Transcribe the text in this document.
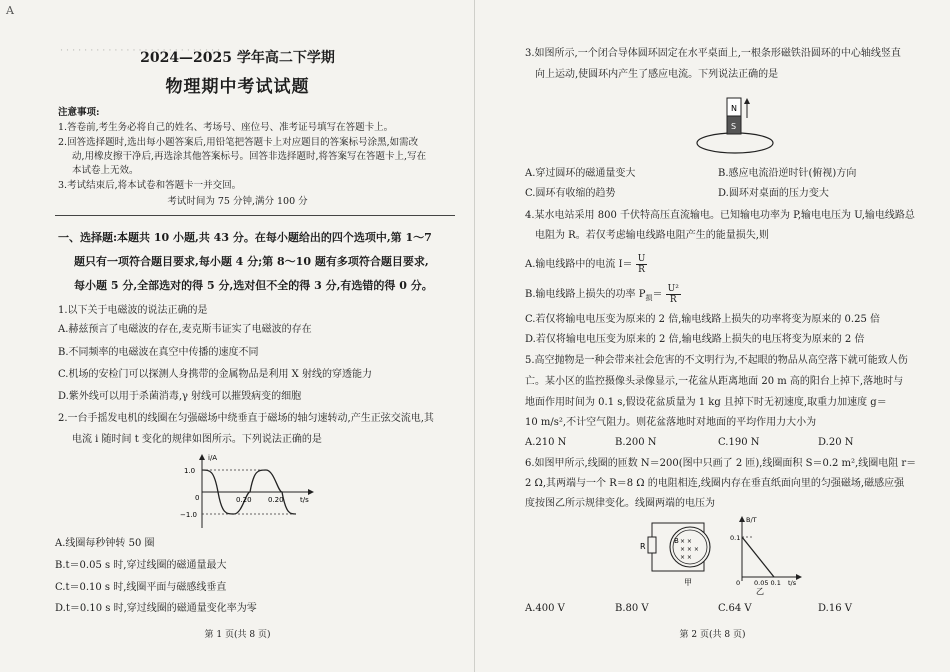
A
· · · · · · · · · · · · · · · · · · · · · · · · · · ·
2024—2025 学年高二下学期
物理期中考试试题
注意事项:
1.答卷前,考生务必将自己的姓名、考场号、座位号、准考证号填写在答题卡上。
2.回答选择题时,选出每小题答案后,用铅笔把答题卡上对应题目的答案标号涂黑,如需改
动,用橡皮擦干净后,再选涂其他答案标号。回答非选择题时,将答案写在答题卡上,写在
本试卷上无效。
3.考试结束后,将本试卷和答题卡一并交回。
考试时间为 75 分钟,满分 100 分
一、选择题:本题共 10 小题,共 43 分。在每小题给出的四个选项中,第 1～7
题只有一项符合题目要求,每小题 4 分;第 8～10 题有多项符合题目要求,
每小题 5 分,全部选对的得 5 分,选对但不全的得 3 分,有选错的得 0 分。
1.以下关于电磁波的说法正确的是
A.赫兹预言了电磁波的存在,麦克斯韦证实了电磁波的存在
B.不同频率的电磁波在真空中传播的速度不同
C.机场的安检门可以探测人身携带的金属物品是利用 X 射线的穿透能力
D.紫外线可以用于杀菌消毒,γ 射线可以摧毁病变的细胞
2.一台手摇发电机的线圈在匀强磁场中绕垂直于磁场的轴匀速转动,产生正弦交流电,其
电流 i 随时间 t 变化的规律如图所示。下列说法正确的是
i/A
1.0
−1.0
0	0.20 0.20 t/s
A.线圈每秒钟转 50 圈
B.t＝0.05 s 时,穿过线圈的磁通量最大
C.t＝0.10 s 时,线圈平面与磁感线垂直
D.t＝0.10 s 时,穿过线圈的磁通量变化率为零
第 1 页(共 8 页)
3.如图所示,一个闭合导体圆环固定在水平桌面上,一根条形磁铁沿圆环的中心轴线竖直
向上运动,使圆环内产生了感应电流。下列说法正确的是
N
S
A.穿过圆环的磁通量变大	B.感应电流沿逆时针(俯视)方向
C.圆环有收缩的趋势	D.圆环对桌面的压力变大
4.某水电站采用 800 千伏特高压直流输电。已知输电功率为 P,输电电压为 U,输电线路总
电阻为 R。若仅考虑输电线路电阻产生的能量损失,则
A.输电线路中的电流 $I= \frac{U}{R}$
B.输电线路上损失的功率 $P_损= \frac{\text{U²}}{R}$
C.若仅将输电电压变为原来的 2 倍,输电线路上损失的功率将变为原来的 0.25 倍
D.若仅将输电电压变为原来的 2 倍,输电线路上损失的电压将变为原来的 2 倍
5.高空抛物是一种会带来社会危害的不文明行为,不起眼的物品从高空落下就可能致人伤
亡。某小区的监控摄像头录像显示,一花盆从距离地面 20 m 高的阳台上掉下,落地时与
地面作用时间为 0.1 s,假设花盆质量为 1 kg 且掉下时无初速度,取重力加速度 g＝
10 m/s²,不计空气阻力。则花盆落地时对地面的平均作用力大小为
A.210 N	B.200 N	C.190 N	D.20 N
6.如图甲所示,线圈的匝数 N＝200(图中只画了 2 匝),线圈面积 S＝0.2 m²,线圈电阻 r＝
2 Ω,其两端与一个 R＝8 Ω 的电阻相连,线圈内存在垂直纸面向里的匀强磁场,磁感应强
度按图乙所示规律变化。线圈两端的电压为
R
× ×
× × ×
× ×
B
甲
B/T
0.1
0 0.05 0.1 t/s
乙
A.400 V	B.80 V	C.64 V	D.16 V
第 2 页(共 8 页)
